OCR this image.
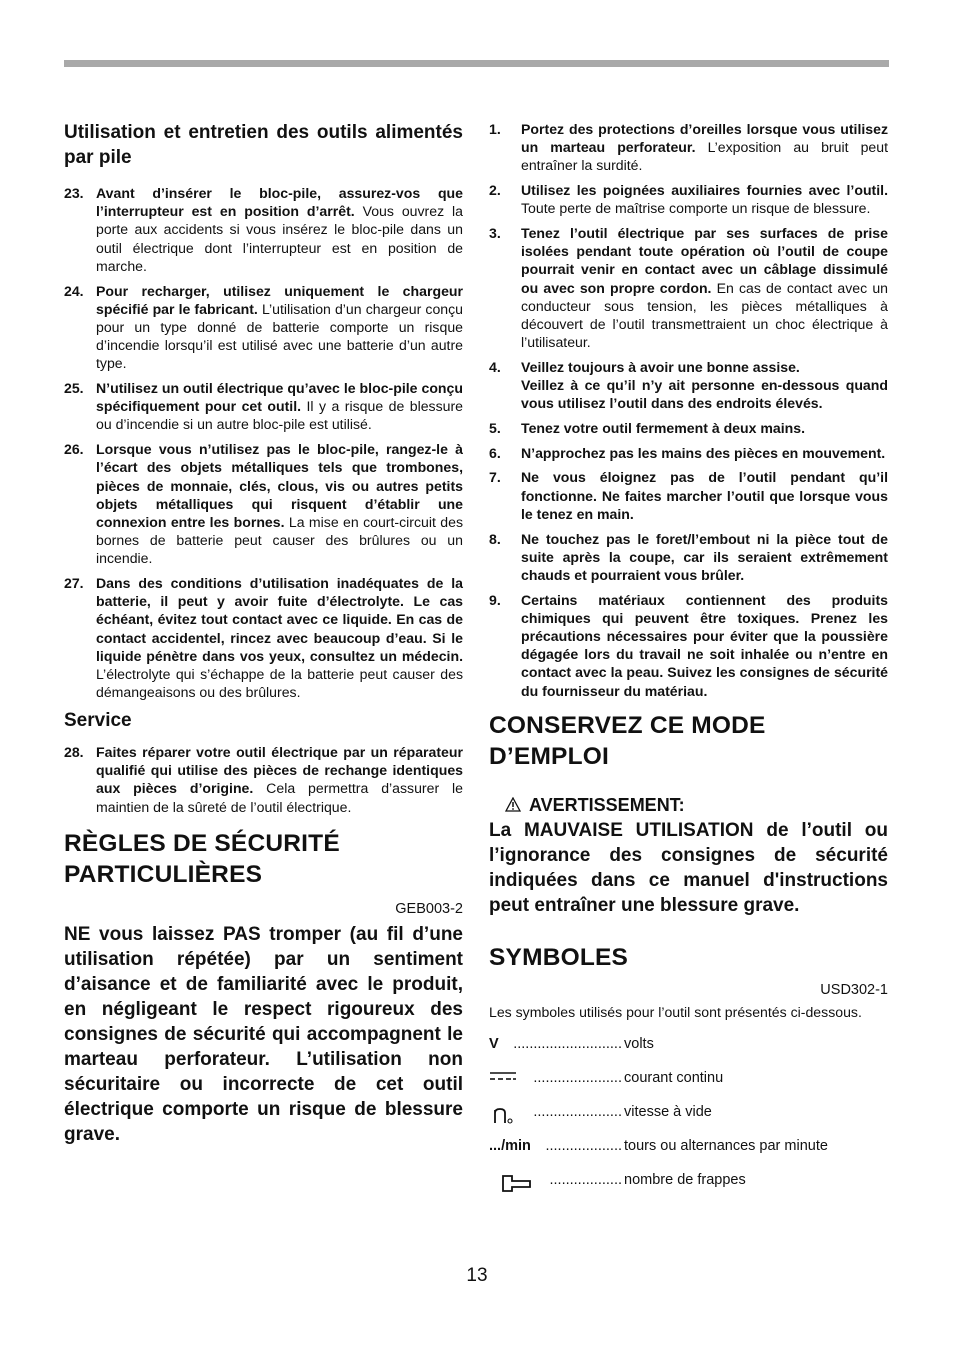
Utilisation et entretien des outils alimentés par pile
23. Avant d’insérer le bloc-pile, assurez-vos que l’interrupteur est en position d’arrêt. Vous ouvrez la porte aux accidents si vous insérez le bloc-pile dans un outil électrique dont l’interrupteur est en position de marche.
24. Pour recharger, utilisez uniquement le chargeur spécifié par le fabricant. L’utilisation d’un chargeur conçu pour un type donné de batterie comporte un risque d’incendie lorsqu’il est utilisé avec une batterie d’un autre type.
25. N’utilisez un outil électrique qu’avec le bloc-pile conçu spécifiquement pour cet outil. Il y a risque de blessure ou d’incendie si un autre bloc-pile est utilisé.
26. Lorsque vous n’utilisez pas le bloc-pile, rangez-le à l’écart des objets métalliques tels que trombones, pièces de monnaie, clés, clous, vis ou autres petits objets métalliques qui risquent d’établir une connexion entre les bornes. La mise en court-circuit des bornes de batterie peut causer des brûlures ou un incendie.
27. Dans des conditions d’utilisation inadéquates de la batterie, il peut y avoir fuite d’électrolyte. Le cas échéant, évitez tout contact avec ce liquide. En cas de contact accidentel, rincez avec beaucoup d’eau. Si le liquide pénètre dans vos yeux, consultez un médecin. L’électrolyte qui s’échappe de la batterie peut causer des démangeaisons ou des brûlures.
Service
28. Faites réparer votre outil électrique par un réparateur qualifié qui utilise des pièces de rechange identiques aux pièces d’origine. Cela permettra d’assurer le maintien de la sûreté de l’outil électrique.
RÈGLES DE SÉCURITÉ PARTICULIÈRES
GEB003-2

NE vous laissez PAS tromper (au fil d’une utilisation répétée) par un sentiment d’aisance et de familiarité avec le produit, en négligeant le respect rigoureux des consignes de sécurité qui accompagnent le marteau perforateur. L’utilisation non sécuritaire ou incorrecte de cet outil électrique comporte un risque de blessure grave.

1. Portez des protections d’oreilles lorsque vous utilisez un marteau perforateur. L’exposition au bruit peut entraîner la surdité.
2. Utilisez les poignées auxiliaires fournies avec l’outil. Toute perte de maîtrise comporte un risque de blessure.
3. Tenez l’outil électrique par ses surfaces de prise isolées pendant toute opération où l’outil de coupe pourrait venir en contact avec un câblage dissimulé ou avec son propre cordon. En cas de contact avec un conducteur sous tension, les pièces métalliques à découvert de l’outil transmettraient un choc électrique à l’utilisateur.
4. Veillez toujours à avoir une bonne assise.
Veillez à ce qu’il n’y ait personne en-dessous quand vous utilisez l’outil dans des endroits élevés.
5. Tenez votre outil fermement à deux mains.
6. N’approchez pas les mains des pièces en mouvement.
7. Ne vous éloignez pas de l’outil pendant qu’il fonctionne. Ne faites marcher l’outil que lorsque vous le tenez en main.
8. Ne touchez pas le foret/l’embout ni la pièce tout de suite après la coupe, car ils seraient extrêmement chauds et pourraient vous brûler.
9. Certains matériaux contiennent des produits chimiques qui peuvent être toxiques. Prenez les précautions nécessaires pour éviter que la poussière dégagée lors du travail ne soit inhalée ou n’entre en contact avec la peau. Suivez les consignes de sécurité du fournisseur du matériau.
CONSERVEZ CE MODE D’EMPLOI
AVERTISSEMENT:

La MAUVAISE UTILISATION de l’outil ou l’ignorance des consignes de sécurité indiquées dans ce manuel d'instructions peut entraîner une blessure grave.

SYMBOLES
USD302-1
Les symboles utilisés pour l’outil sont présentés ci-dessous.
V ........................... volts
...................... courant continu
...................... vitesse à vide
.../min ................... tours ou alternances par minute
.................. nombre de frappes
13
